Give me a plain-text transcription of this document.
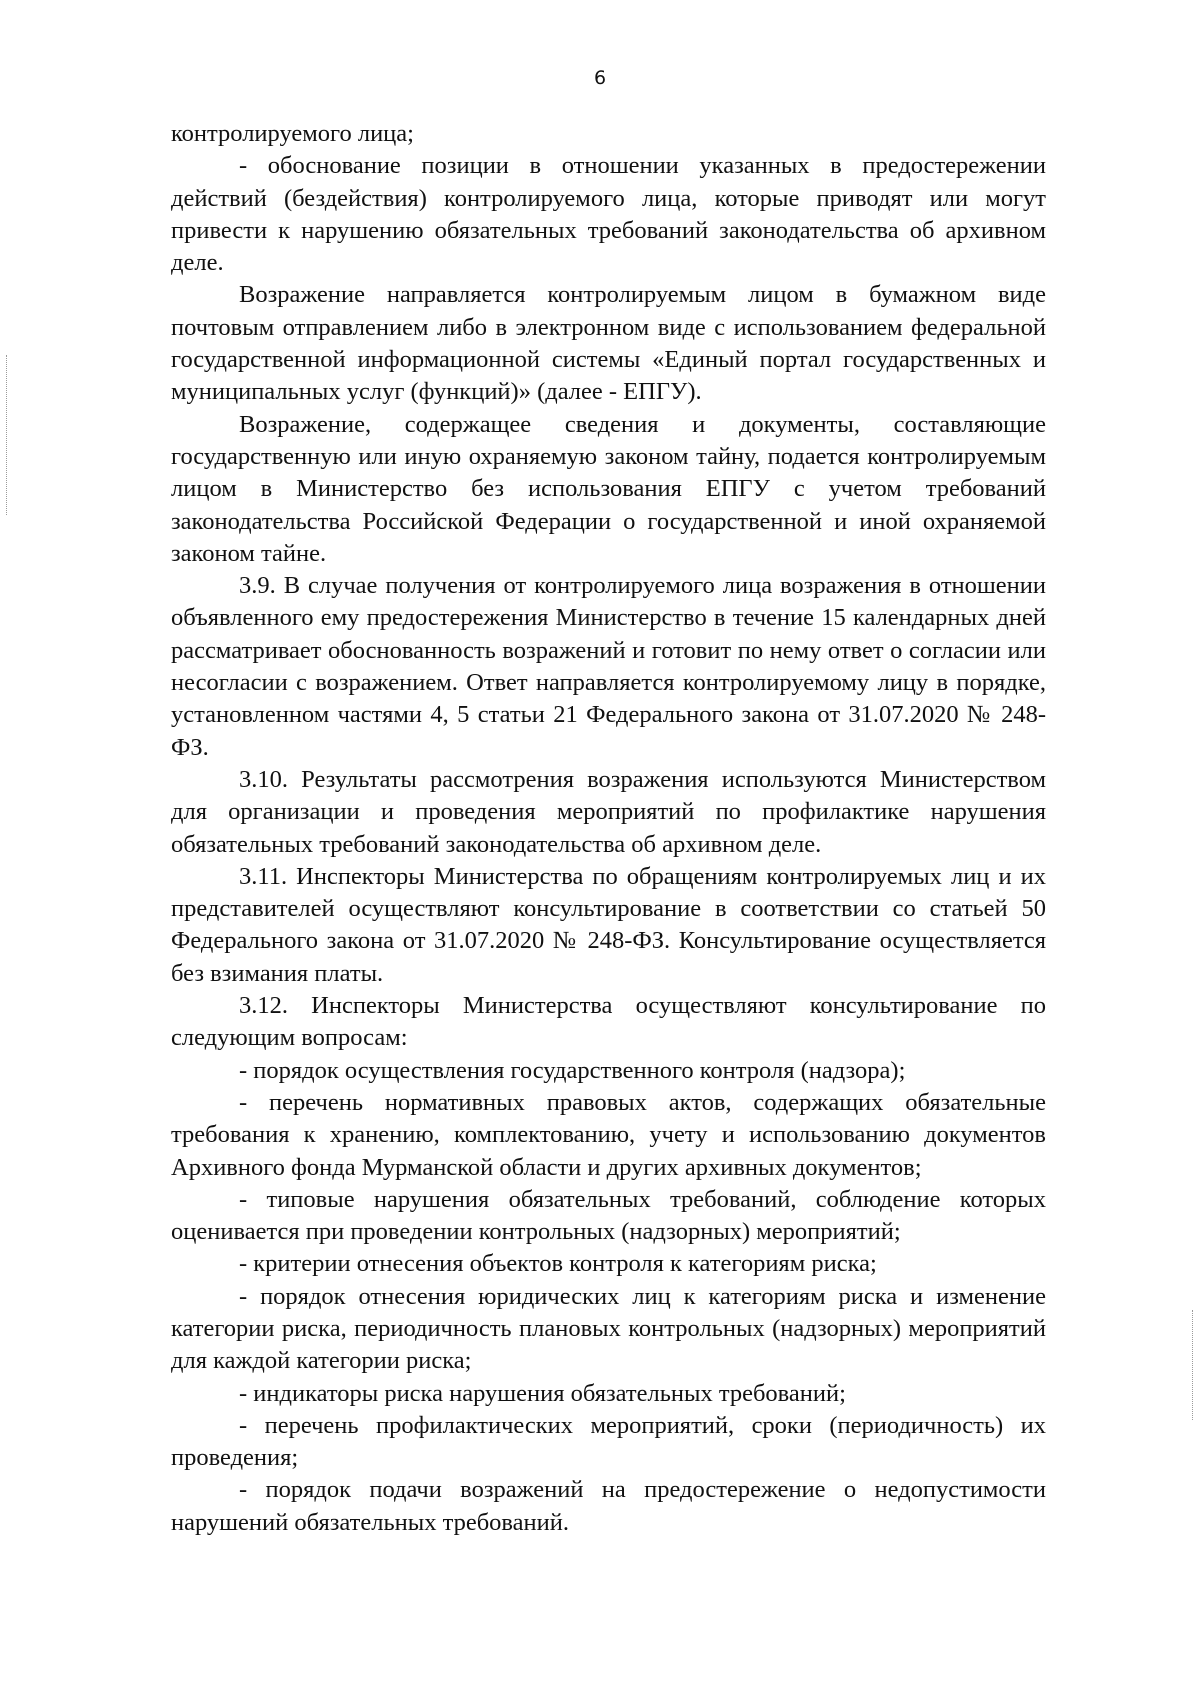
6

контролируемого лица;

- обоснование позиции в отношении указанных в предостережении действий (бездействия) контролируемого лица, которые приводят или могут привести к нарушению обязательных требований законодательства об архивном деле.

Возражение направляется контролируемым лицом в бумажном виде почтовым отправлением либо в электронном виде с использованием федеральной государственной информационной системы «Единый портал государственных и муниципальных услуг (функций)» (далее - ЕПГУ).

Возражение, содержащее сведения и документы, составляющие государственную или иную охраняемую законом тайну, подается контролируемым лицом в Министерство без использования ЕПГУ с учетом требований законодательства Российской Федерации о государственной и иной охраняемой законом тайне.

3.9. В случае получения от контролируемого лица возражения в отношении объявленного ему предостережения Министерство в течение 15 календарных дней рассматривает обоснованность возражений и готовит по нему ответ о согласии или несогласии с возражением. Ответ направляется контролируемому лицу в порядке, установленном частями 4, 5 статьи 21 Федерального закона от 31.07.2020 № 248-ФЗ.

3.10. Результаты рассмотрения возражения используются Министерством для организации и проведения мероприятий по профилактике нарушения обязательных требований законодательства об архивном деле.

3.11. Инспекторы Министерства по обращениям контролируемых лиц и их представителей осуществляют консультирование в соответствии со статьей 50 Федерального закона от 31.07.2020 № 248-ФЗ. Консультирование осуществляется без взимания платы.

3.12. Инспекторы Министерства осуществляют консультирование по следующим вопросам:

- порядок осуществления государственного контроля (надзора);

- перечень нормативных правовых актов, содержащих обязательные требования к хранению, комплектованию, учету и использованию документов Архивного фонда Мурманской области и других архивных документов;

- типовые нарушения обязательных требований, соблюдение которых оценивается при проведении контрольных (надзорных) мероприятий;

- критерии отнесения объектов контроля к категориям риска;

- порядок отнесения юридических лиц к категориям риска и изменение категории риска, периодичность плановых контрольных (надзорных) мероприятий для каждой категории риска;

- индикаторы риска нарушения обязательных требований;

- перечень профилактических мероприятий, сроки (периодичность) их проведения;

- порядок подачи возражений на предостережение о недопустимости нарушений обязательных требований.
